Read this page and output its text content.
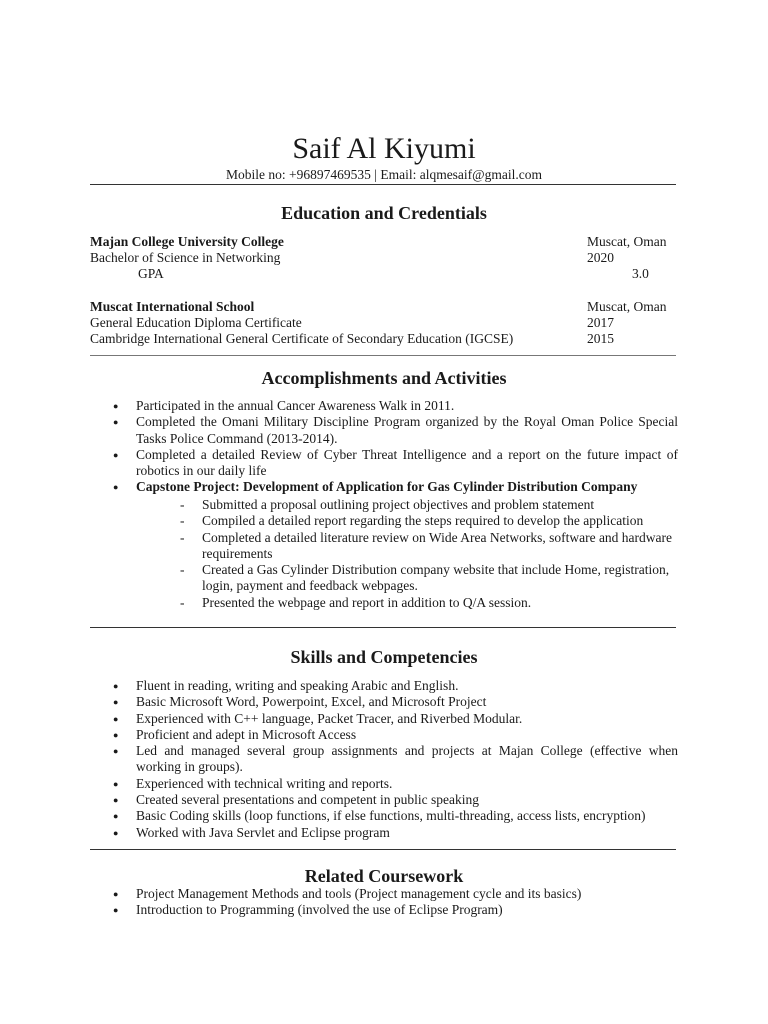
Saif Al Kiyumi
Mobile no: +96897469535 | Email: alqmesaif@gmail.com
Education and Credentials
Majan College University College	Muscat, Oman
Bachelor of Science in Networking	2020
GPA	3.0
Muscat International School	Muscat, Oman
General Education Diploma Certificate	2017
Cambridge International General Certificate of Secondary Education (IGCSE)	2015
Accomplishments and Activities
● Participated in the annual Cancer Awareness Walk in 2011.
● Completed the Omani Military Discipline Program organized by the Royal Oman Police Special Tasks Police Command (2013-2014).
● Completed a detailed Review of Cyber Threat Intelligence and a report on the future impact of robotics in our daily life
● Capstone Project: Development of Application for Gas Cylinder Distribution Company
- Submitted a proposal outlining project objectives and problem statement
- Compiled a detailed report regarding the steps required to develop the application
- Completed a detailed literature review on Wide Area Networks, software and hardware requirements
- Created a Gas Cylinder Distribution company website that include Home, registration, login, payment and feedback webpages.
- Presented the webpage and report in addition to Q/A session.
Skills and Competencies
● Fluent in reading, writing and speaking Arabic and English.
● Basic Microsoft Word, Powerpoint, Excel, and Microsoft Project
● Experienced with C++ language, Packet Tracer, and Riverbed Modular.
● Proficient and adept in Microsoft Access
● Led and managed several group assignments and projects at Majan College (effective when working in groups).
● Experienced with technical writing and reports.
● Created several presentations and competent in public speaking
● Basic Coding skills (loop functions, if else functions, multi-threading, access lists, encryption)
● Worked with Java Servlet and Eclipse program
Related Coursework
● Project Management Methods and tools (Project management cycle and its basics)
● Introduction to Programming (involved the use of Eclipse Program)
